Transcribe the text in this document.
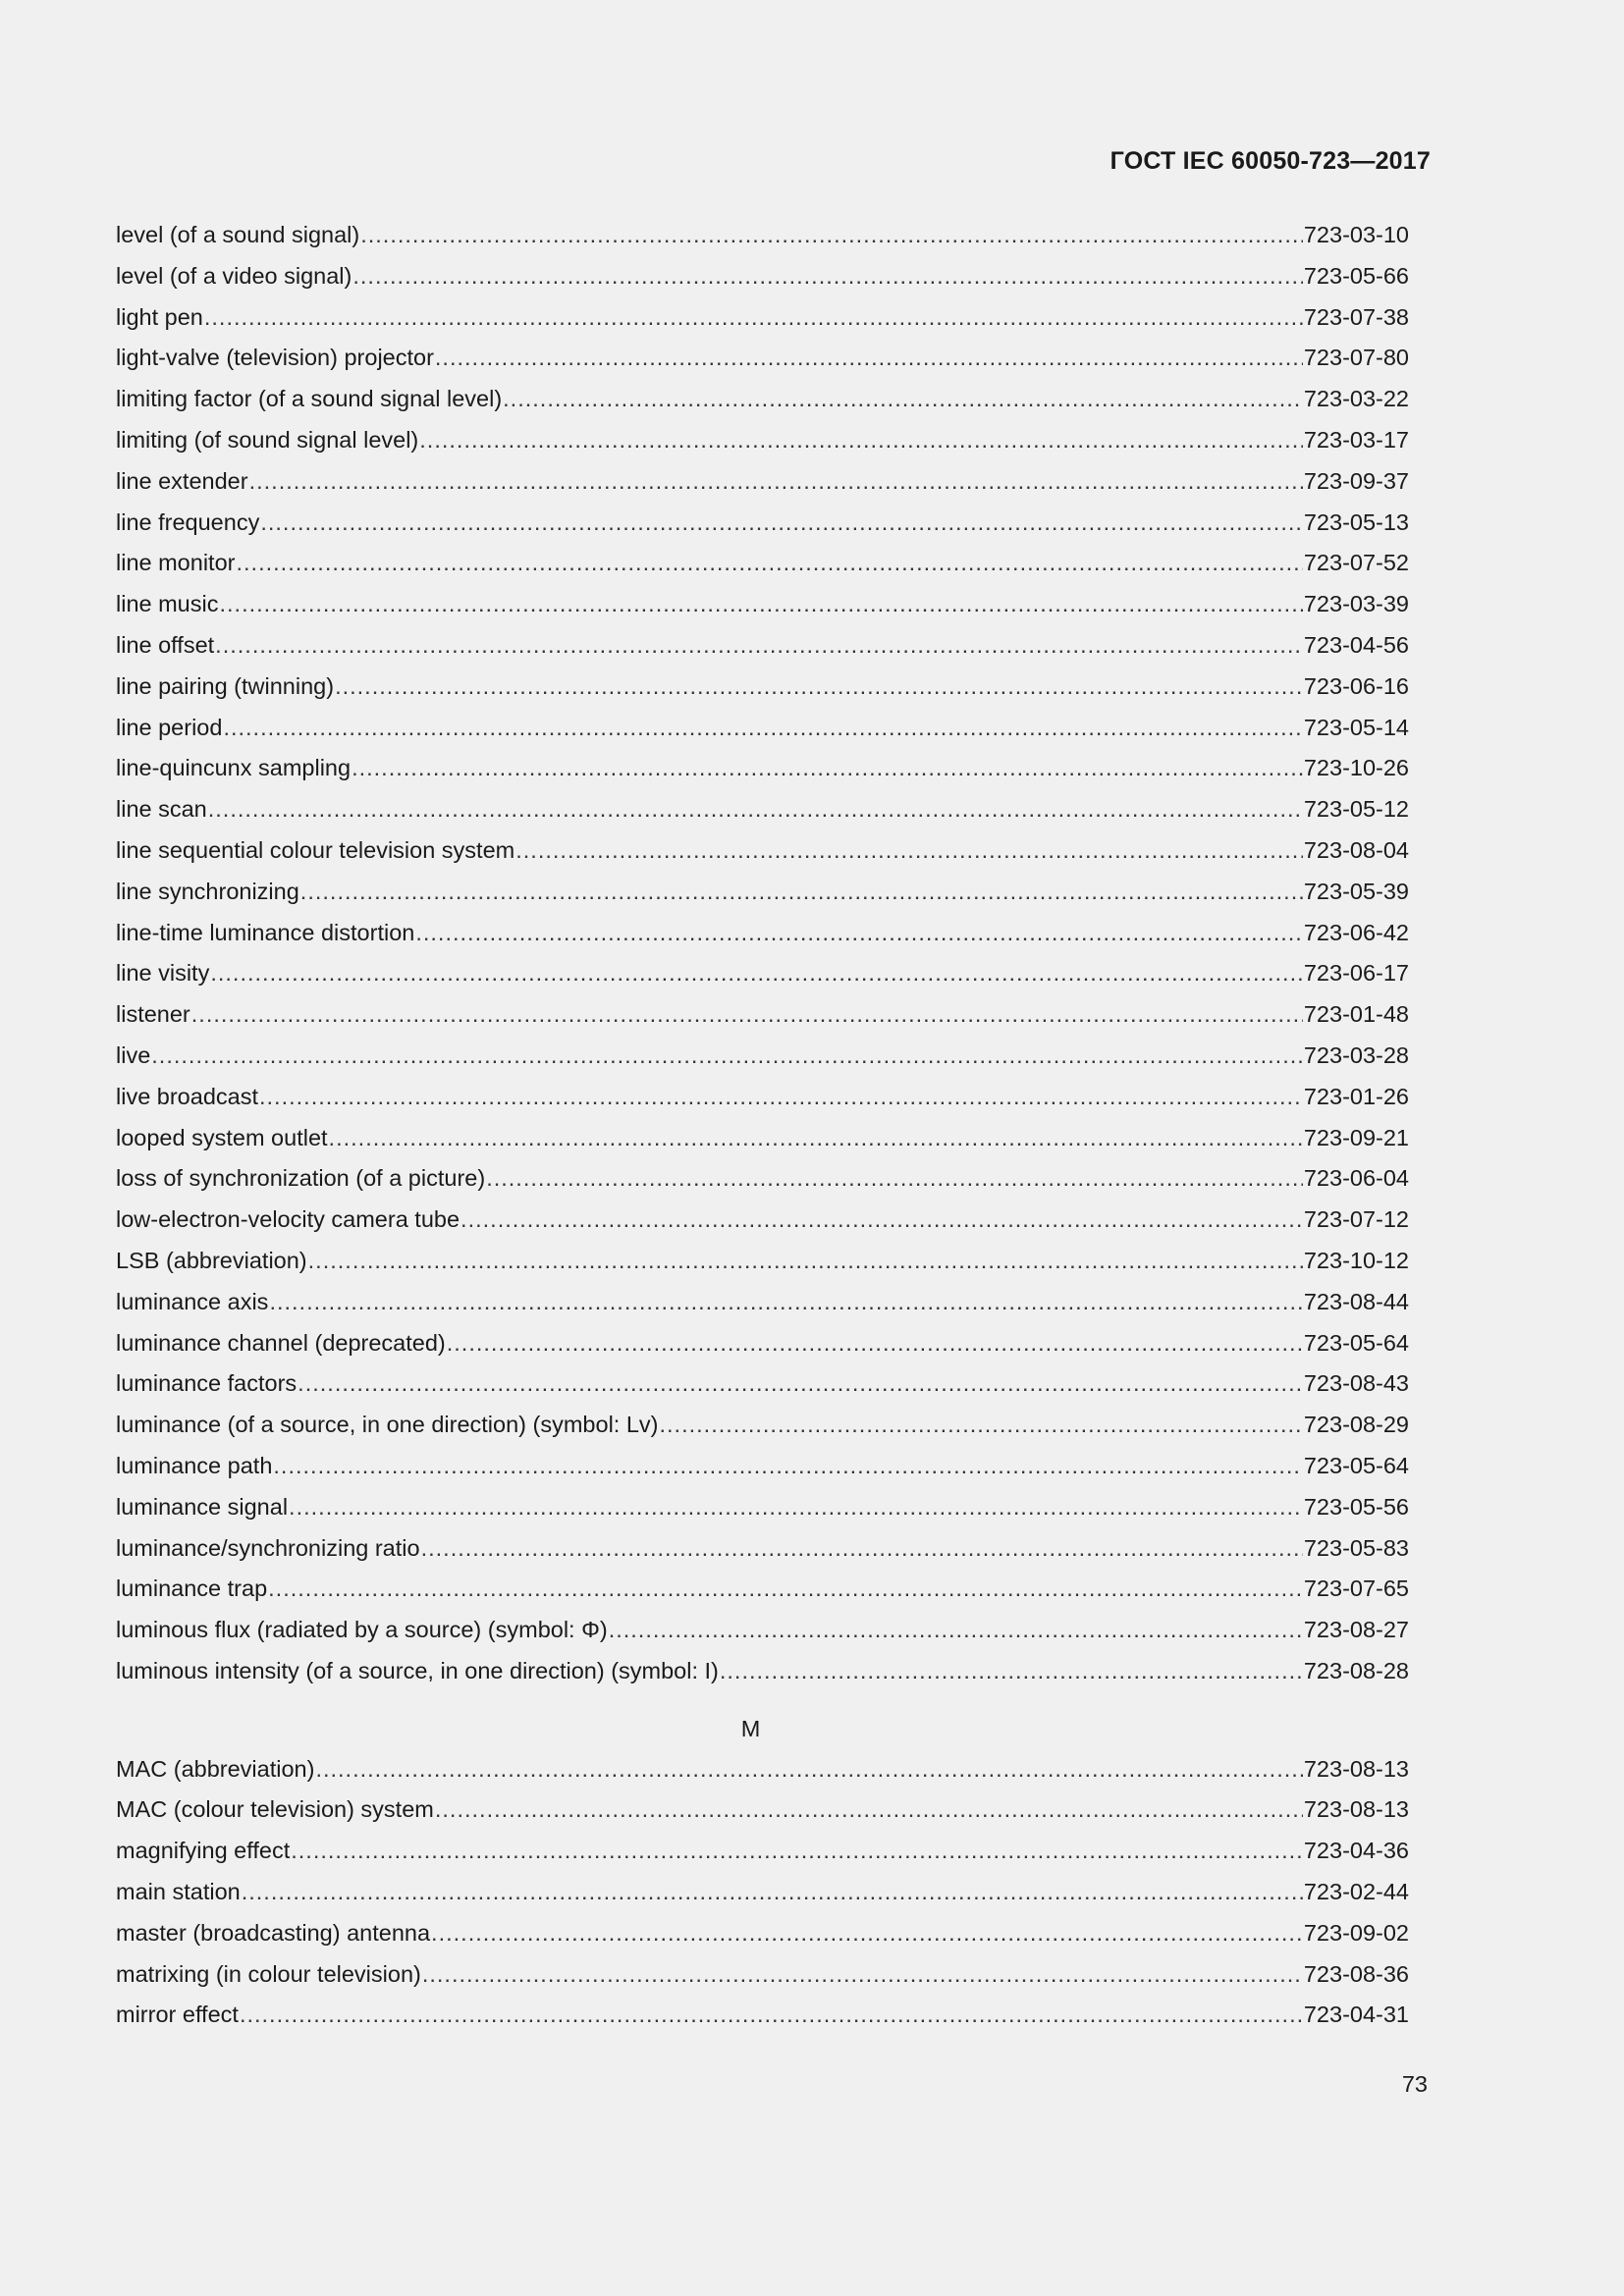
ГОСТ IEC 60050-723—2017
level (of a sound signal) .....	723-03-10
level (of a video signal) .....	723-05-66
light pen .....	723-07-38
light-valve (television) projector .....	723-07-80
limiting factor (of a sound signal level) .....	723-03-22
limiting (of sound signal level) .....	723-03-17
line extender .....	723-09-37
line frequency .....	723-05-13
line monitor .....	723-07-52
line music .....	723-03-39
line offset .....	723-04-56
line pairing (twinning) .....	723-06-16
line period .....	723-05-14
line-quincunx sampling .....	723-10-26
line scan .....	723-05-12
line sequential colour television system .....	723-08-04
line synchronizing .....	723-05-39
line-time luminance distortion .....	723-06-42
line visity .....	723-06-17
listener .....	723-01-48
live .....	723-03-28
live broadcast .....	723-01-26
looped system outlet .....	723-09-21
loss of synchronization (of a picture) .....	723-06-04
low-electron-velocity camera tube .....	723-07-12
LSB (abbreviation) .....	723-10-12
luminance axis .....	723-08-44
luminance channel (deprecated) .....	723-05-64
luminance factors .....	723-08-43
luminance (of a source, in one direction) (symbol: Lv) .....	723-08-29
luminance path .....	723-05-64
luminance signal .....	723-05-56
luminance/synchronizing ratio .....	723-05-83
luminance trap .....	723-07-65
luminous flux (radiated by a source) (symbol: Φ) .....	723-08-27
luminous intensity (of a source, in one direction) (symbol: I) .....	723-08-28
M
MAC (abbreviation) .....	723-08-13
MAC (colour television) system .....	723-08-13
magnifying effect .....	723-04-36
main station .....	723-02-44
master (broadcasting) antenna .....	723-09-02
matrixing (in colour television) .....	723-08-36
mirror effect .....	723-04-31
73
